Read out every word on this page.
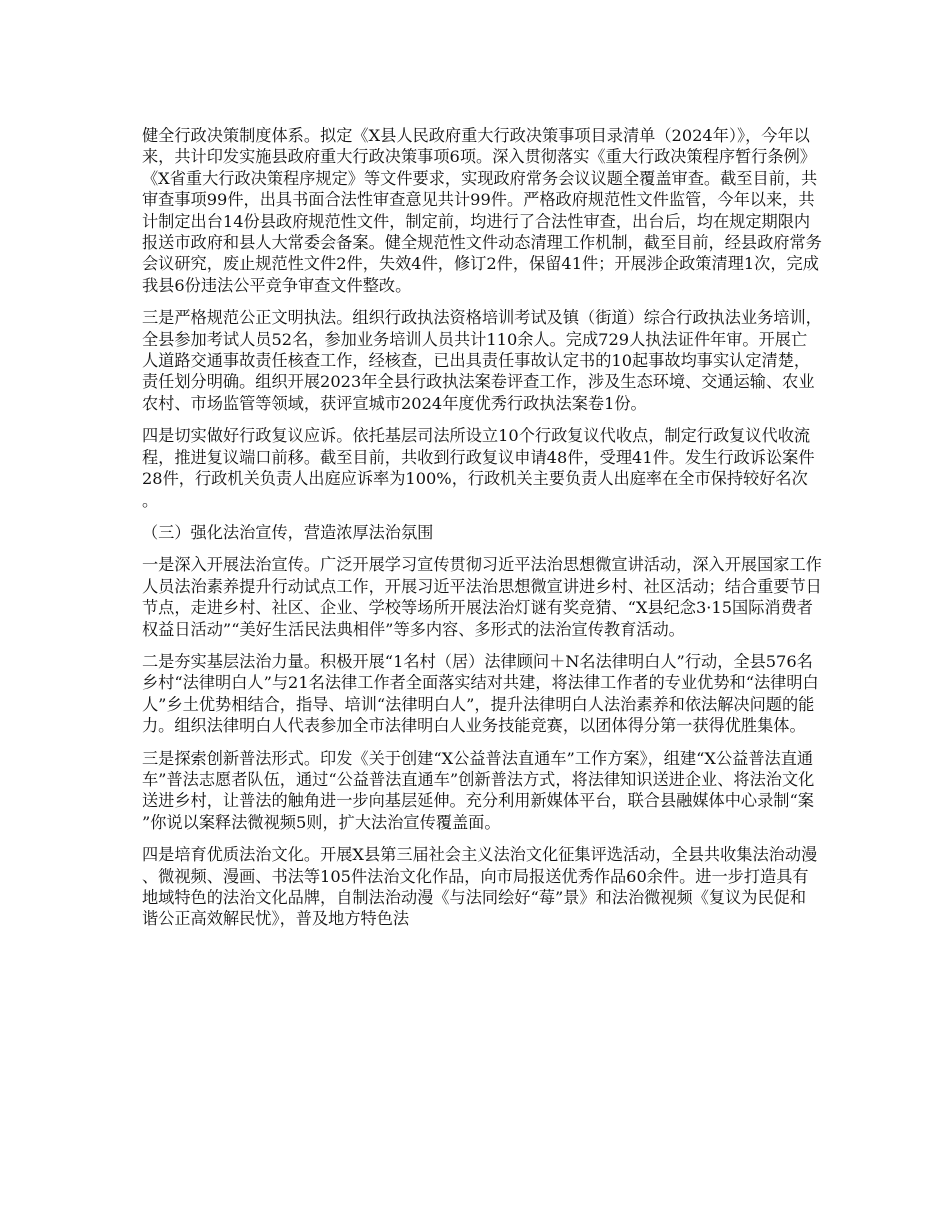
健全行政决策制度体系。拟定《X县人民政府重大行政决策事项目录清单（2024年）》，今年以来，共计印发实施县政府重大行政决策事项6项。深入贯彻落实《重大行政决策程序暂行条例》《X省重大行政决策程序规定》等文件要求，实现政府常务会议议题全覆盖审查。截至目前，共审查事项99件，出具书面合法性审查意见共计99件。严格政府规范性文件监管，今年以来，共计制定出台14份县政府规范性文件，制定前，均进行了合法性审查，出台后，均在规定期限内报送市政府和县人大常委会备案。健全规范性文件动态清理工作机制，截至目前，经县政府常务会议研究，废止规范性文件2件，失效4件，修订2件，保留41件；开展涉企政策清理1次，完成我县6份违法公平竞争审查文件整改。

三是严格规范公正文明执法。组织行政执法资格培训考试及镇（街道）综合行政执法业务培训，全县参加考试人员52名，参加业务培训人员共计110余人。完成729人执法证件年审。开展亡人道路交通事故责任核查工作，经核查，已出具责任事故认定书的10起事故均事实认定清楚，责任划分明确。组织开展2023年全县行政执法案卷评查工作，涉及生态环境、交通运输、农业农村、市场监管等领域，获评宣城市2024年度优秀行政执法案卷1份。

四是切实做好行政复议应诉。依托基层司法所设立10个行政复议代收点，制定行政复议代收流程，推进复议端口前移。截至目前，共收到行政复议申请48件，受理41件。发生行政诉讼案件28件，行政机关负责人出庭应诉率为100%，行政机关主要负责人出庭率在全市保持较好名次。

（三）强化法治宣传，营造浓厚法治氛围

一是深入开展法治宣传。广泛开展学习宣传贯彻习近平法治思想微宣讲活动，深入开展国家工作人员法治素养提升行动试点工作，开展习近平法治思想微宣讲进乡村、社区活动；结合重要节日节点，走进乡村、社区、企业、学校等场所开展法治灯谜有奖竞猜、“X县纪念3·15国际消费者权益日活动”“美好生活民法典相伴”等多内容、多形式的法治宣传教育活动。

二是夯实基层法治力量。积极开展“1名村（居）法律顾问＋N名法律明白人”行动，全县576名乡村“法律明白人”与21名法律工作者全面落实结对共建，将法律工作者的专业优势和“法律明白人”乡土优势相结合，指导、培训“法律明白人”，提升法律明白人法治素养和依法解决问题的能力。组织法律明白人代表参加全市法律明白人业务技能竞赛，以团体得分第一获得优胜集体。

三是探索创新普法形式。印发《关于创建“X公益普法直通车”工作方案》，组建“X公益普法直通车”普法志愿者队伍，通过“公益普法直通车”创新普法方式，将法律知识送进企业、将法治文化送进乡村，让普法的触角进一步向基层延伸。充分利用新媒体平台，联合县融媒体中心录制“案”你说以案释法微视频5则，扩大法治宣传覆盖面。

四是培育优质法治文化。开展X县第三届社会主义法治文化征集评选活动，全县共收集法治动漫、微视频、漫画、书法等105件法治文化作品，向市局报送优秀作品60余件。进一步打造具有地域特色的法治文化品牌，自制法治动漫《与法同绘好“莓”景》和法治微视频《复议为民促和谐公正高效解民忧》，普及地方特色法
